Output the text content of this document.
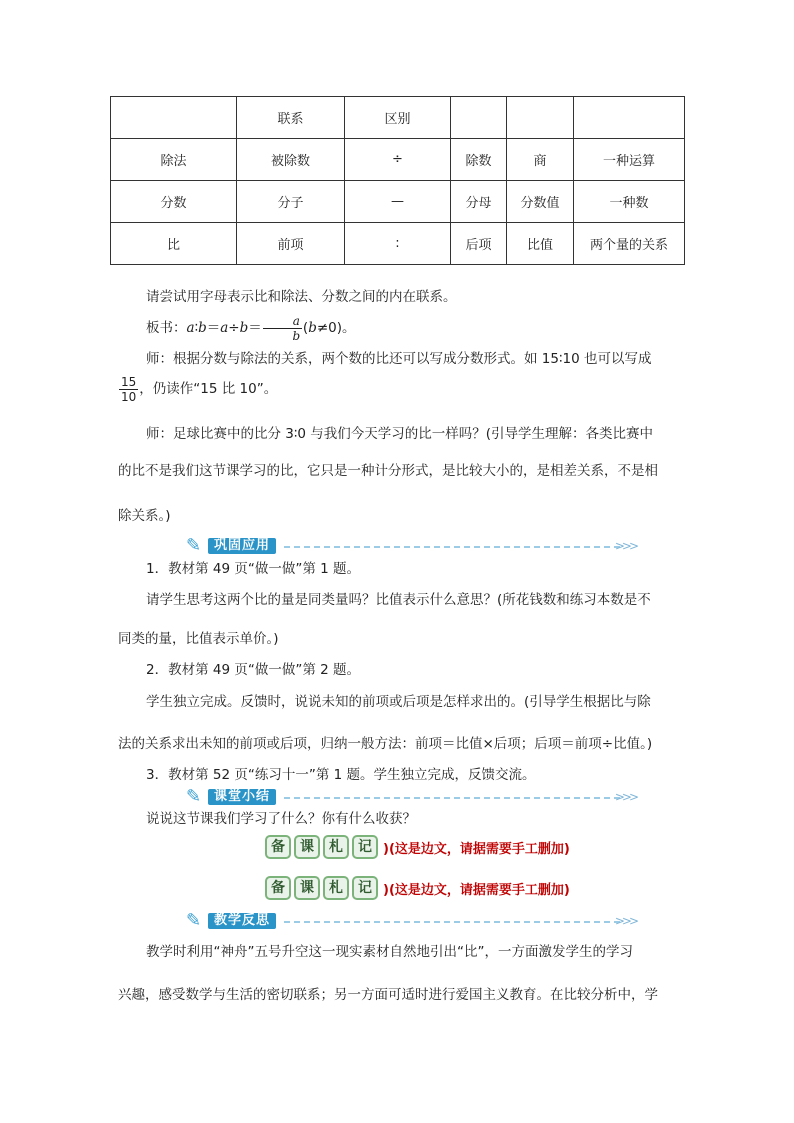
	联系	区别			
除法	被除数	÷	除数	商	一种运算
分数	分子	—	分母	分数值	一种数
比	前项	:	后项	比值	两个量的关系

请尝试用字母表示比和除法、分数之间的内在联系。

板书：a∶b＝a÷b＝ $\frac{a}{b} (b\ne 0)$。

师：根据分数与除法的关系，两个数的比还可以写成分数形式。如 15∶10 也可以写成

$\frac{15}{10}$ ，仍读作“15 比 10”。

师：足球比赛中的比分 3∶0 与我们今天学习的比一样吗？(引导学生理解：各类比赛中

的比不是我们这节课学习的比，它只是一种计分形式，是比较大小的，是相差关系，不是相

除关系。)

✎ 巩固应用	>>>

1．教材第 49 页“做一做”第 1 题。

请学生思考这两个比的量是同类量吗？比值表示什么意思？(所花钱数和练习本数是不

同类的量，比值表示单价。)

2．教材第 49 页“做一做”第 2 题。

学生独立完成。反馈时，说说未知的前项或后项是怎样求出的。(引导学生根据比与除

法的关系求出未知的前项或后项，归纳一般方法：前项＝比值×后项；后项＝前项÷比值。)

3．教材第 52 页“练习十一”第 1 题。学生独立完成，反馈交流。

✎ 课堂小结	>>>

说说这节课我们学习了什么？你有什么收获？

备 课 札 记 )(这是边文，请据需要手工删加)
备 课 札 记 )(这是边文，请据需要手工删加)
✎ 教学反思	>>>

教学时利用“神舟”五号升空这一现实素材自然地引出“比”，一方面激发学生的学习

兴趣，感受数学与生活的密切联系；另一方面可适时进行爱国主义教育。在比较分析中，学
